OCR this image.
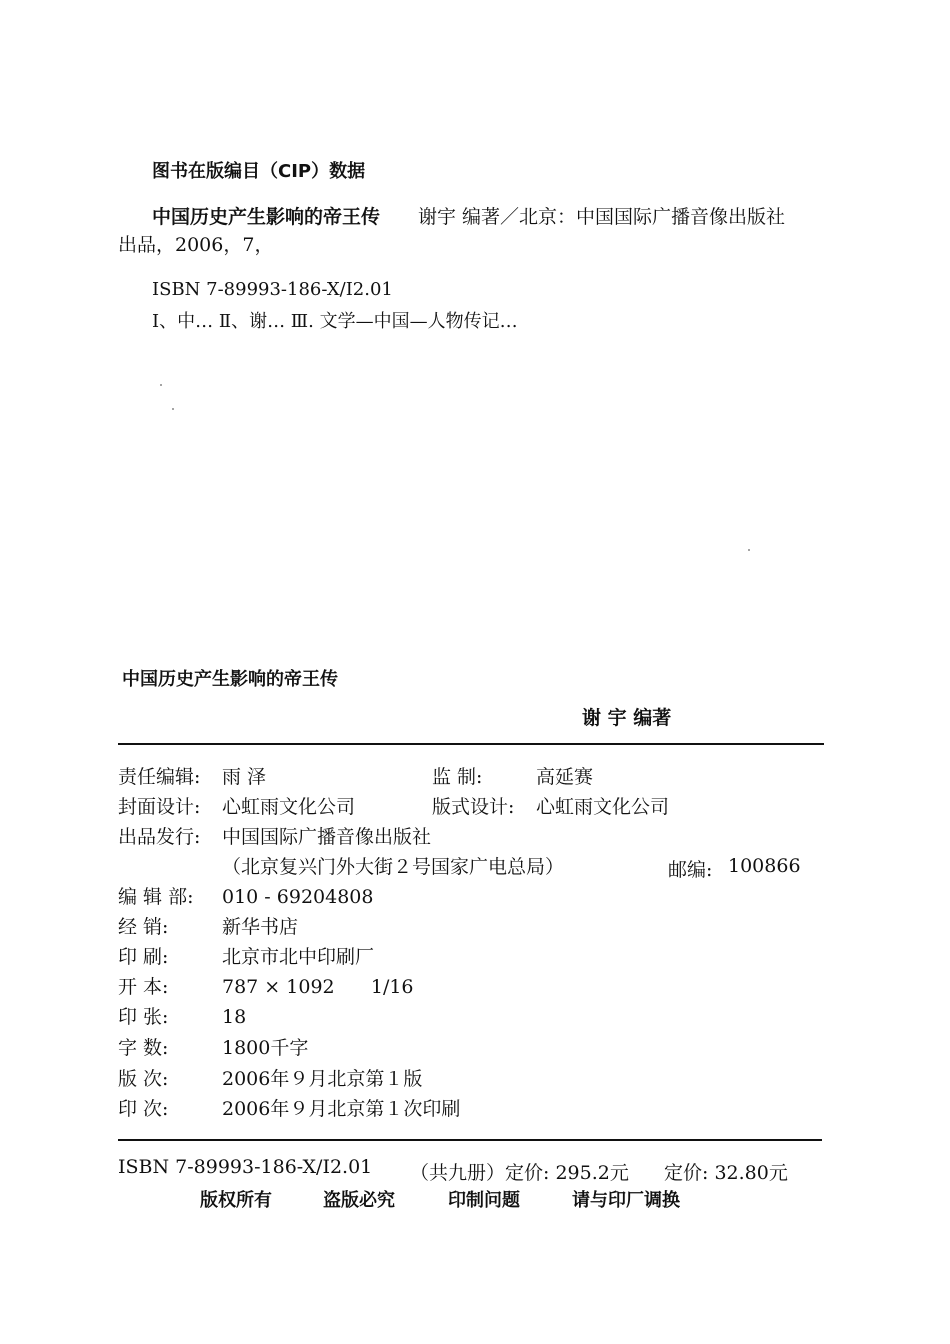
图书在版编目（CIP）数据
中国历史产生影响的帝王传 谢宇 编著／北京：中国国际广播音像出版社
出品，2006，7，
ISBN 7-89993-186-X/I2.01
Ⅰ、中… Ⅱ、谢… Ⅲ. 文学—中国—人物传记…
中国历史产生影响的帝王传
谢 宇 编著
责任编辑: 雨 泽	监 制:	高延赛
封面设计: 心虹雨文化公司	版式设计: 心虹雨文化公司
出品发行: 中国国际广播音像出版社
（北京复兴门外大街２号国家广电总局）	邮编: 100866
编 辑 部: 010 - 69204808
经 销:	新华书店
印 刷:	北京市北中印刷厂
开 本:	787 × 1092      1/16
印 张:	18
字 数:	1800千字
版 次:	2006年９月北京第１版
印 次:	2006年９月北京第１次印刷
ISBN 7-89993-186-X/I2.01 （共九册）定价: 295.2元 定价: 32.80元
版权所有	盗版必究	印制问题	请与印厂调换
